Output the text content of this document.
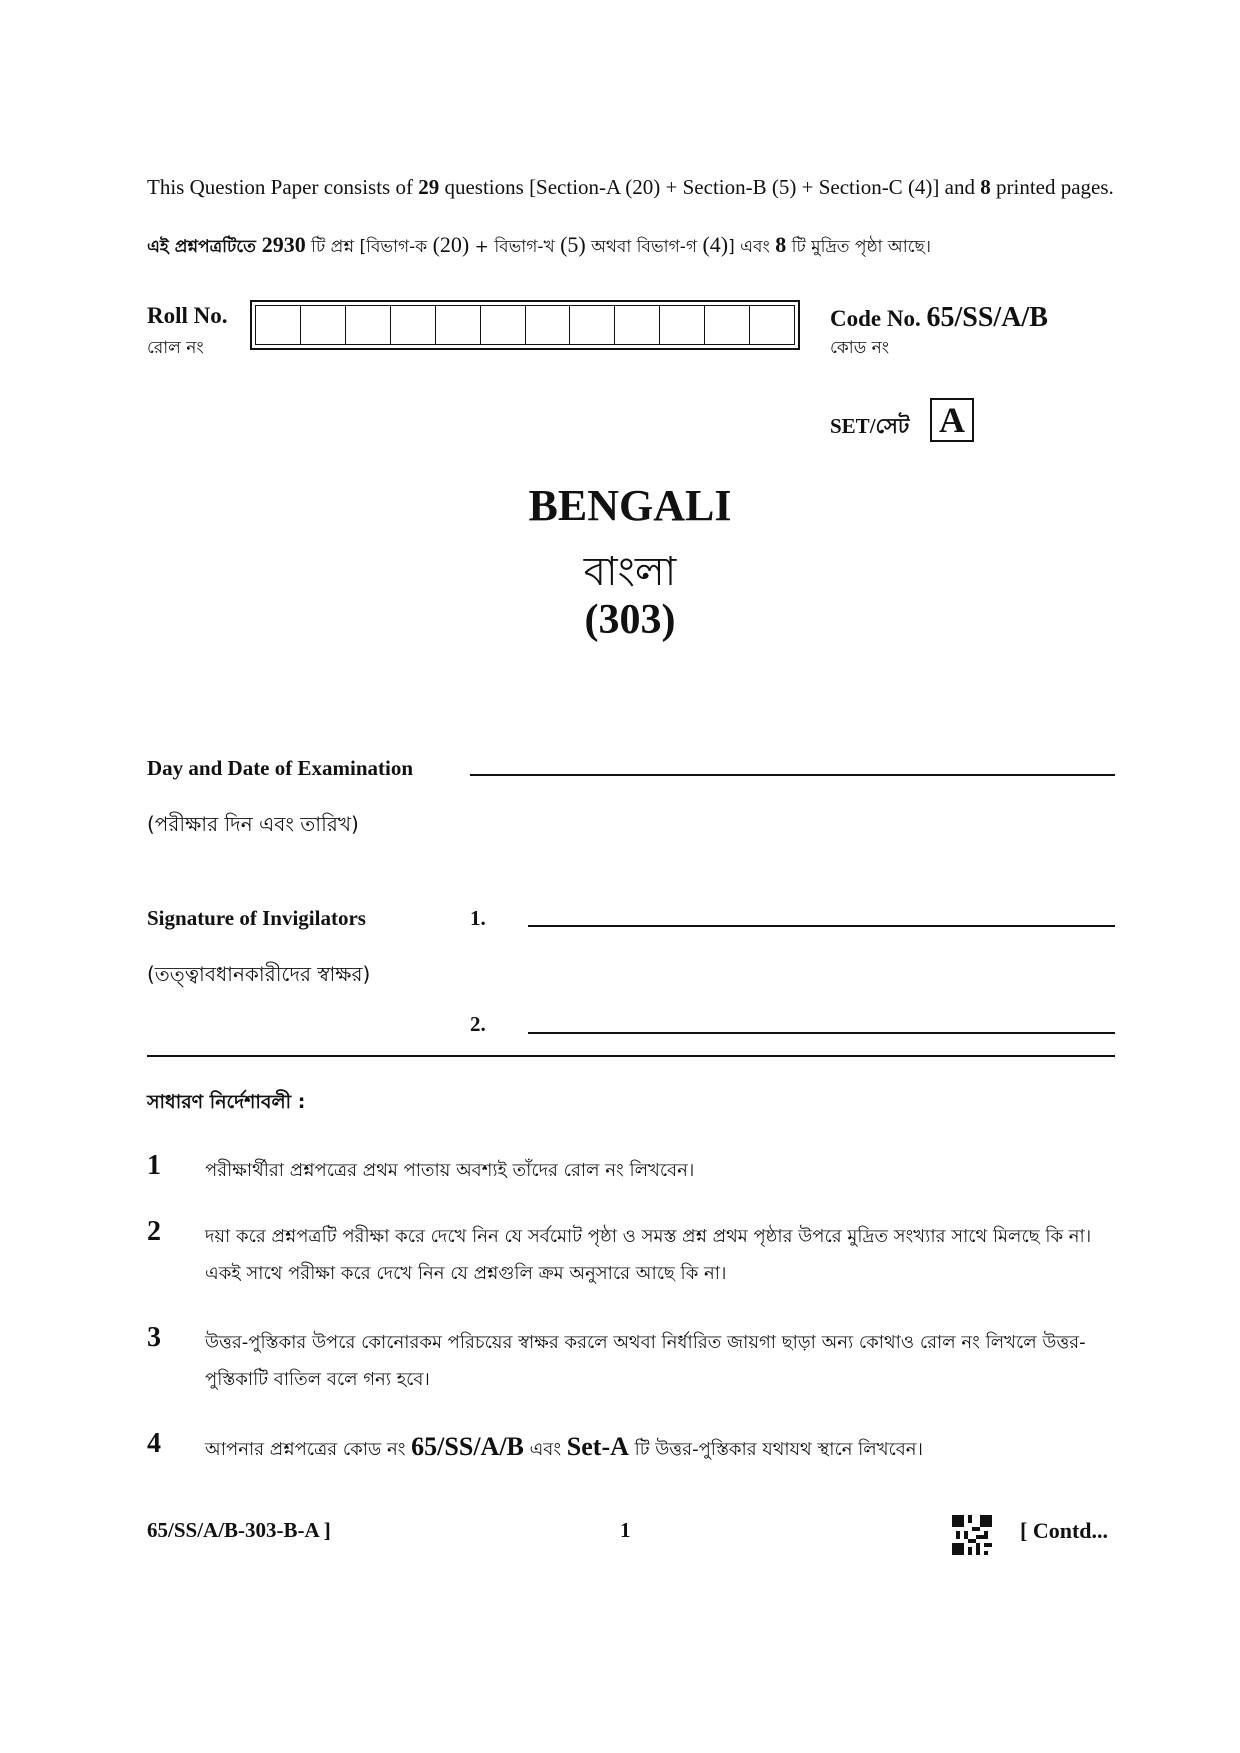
This Question Paper consists of 29 questions [Section-A (20) + Section-B (5) + Section-C (4)] and 8 printed pages.
এই প্রশ্নপত্রটিতে 2930 টি প্রশ্ন [বিভাগ-ক (20) + বিভাগ-খ (5) অথবা বিভাগ-গ (4)] এবং 8 টি মুদ্রিত পৃষ্ঠা আছে।
Roll No.
রোল নং
Code No. 65/SS/A/B
কোড নং
SET/সেট A
BENGALI
বাংলা
(303)
Day and Date of Examination
(পরীক্ষার দিন এবং তারিখ)
Signature of Invigilators	1.
(তত্ত্বাবধানকারীদের স্বাক্ষর)
2.
সাধারণ নির্দেশাবলী :
1 পরীক্ষার্থীরা প্রশ্নপত্রের প্রথম পাতায় অবশ্যই তাঁদের রোল নং লিখবেন।
2 দয়া করে প্রশ্নপত্রটি পরীক্ষা করে দেখে নিন যে সর্বমোট পৃষ্ঠা ও সমস্ত প্রশ্ন প্রথম পৃষ্ঠার উপরে মুদ্রিত সংখ্যার সাথে মিলছে কি না। একই সাথে পরীক্ষা করে দেখে নিন যে প্রশ্নগুলি ক্রম অনুসারে আছে কি না।
3 উত্তর-পুস্তিকার উপরে কোনোরকম পরিচয়ের স্বাক্ষর করলে অথবা নির্ধারিত জায়গা ছাড়া অন্য কোথাও রোল নং লিখলে উত্তর-পুস্তিকাটি বাতিল বলে গন্য হবে।
4 আপনার প্রশ্নপত্রের কোড নং 65/SS/A/B এবং Set-A টি উত্তর-পুস্তিকার যথাযথ স্থানে লিখবেন।
65/SS/A/B-303-B-A ]	1	[ Contd...
